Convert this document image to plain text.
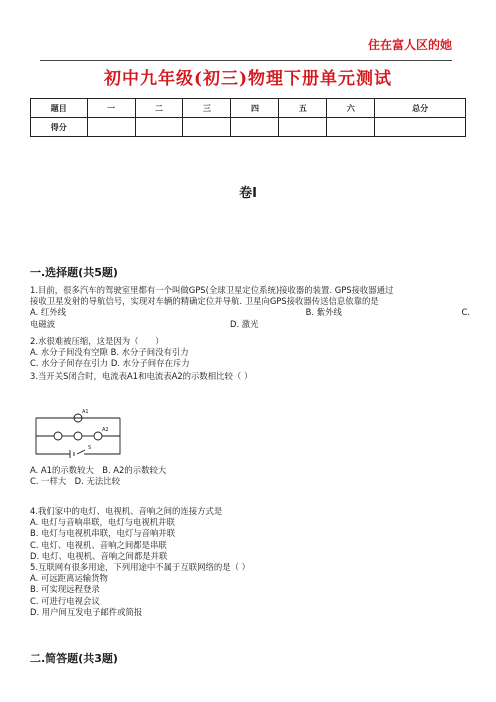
住在富人区的她
初中九年级(初三)物理下册单元测试
题目	一	二	三	四	五	六	总分
得分							
卷I
一.选择题(共5题)
1.目前，很多汽车的驾驶室里都有一个叫做GPS(全球卫星定位系统)接收器的装置. GPS接收器通过
接收卫星发射的导航信号，实现对车辆的精确定位并导航. 卫星向GPS接收器传送信息依靠的是
A. 红外线	B. 紫外线	C.
电磁波	D. 激光
2.水很难被压缩，这是因为（　　）
A. 水分子间没有空隙 B. 水分子间没有引力
C. 水分子间存在引力 D. 水分子间存在斥力
3.当开关S闭合时，电流表A1和电流表A2的示数相比较（ ）
S
A1
A2
A. A1的示数较大　B. A2的示数较大
C. 一样大　D. 无法比较
4.我们家中的电灯、电视机、音响之间的连接方式是
A. 电灯与音响串联，电灯与电视机并联
B. 电灯与电视机串联，电灯与音响并联
C. 电灯、电视机、音响之间都是串联
D. 电灯、电视机、音响之间都是并联
5.互联网有很多用途，下列用途中不属于互联网络的是（ ）
A. 可远距离运输货物
B. 可实现远程登录
C. 可进行电视会议
D. 用户间互发电子邮件或简报
二.简答题(共3题)
